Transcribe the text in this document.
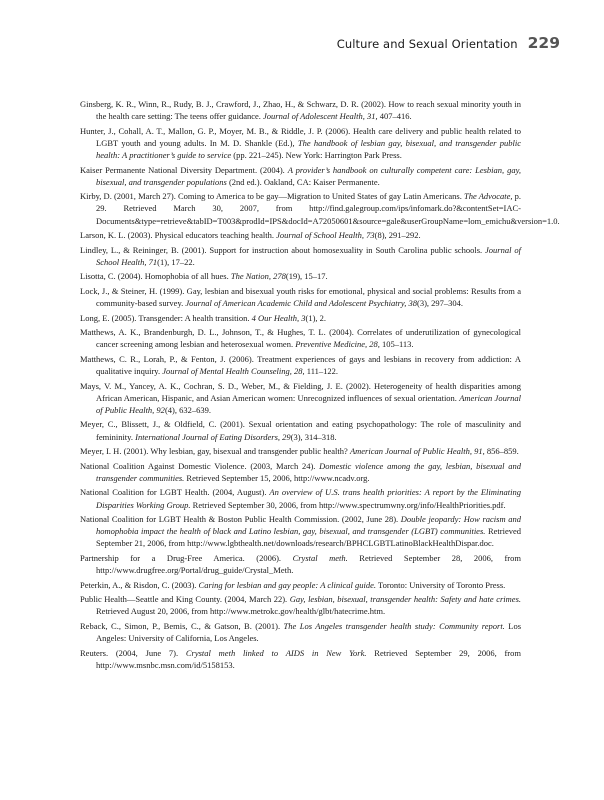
Culture and Sexual Orientation 229

Ginsberg, K. R., Winn, R., Rudy, B. J., Crawford, J., Zhao, H., & Schwarz, D. R. (2002). How to reach sexual minority youth in the health care setting: The teens offer guidance. Journal of Adolescent Health, 31, 407–416.

Hunter, J., Cohall, A. T., Mallon, G. P., Moyer, M. B., & Riddle, J. P. (2006). Health care delivery and public health related to LGBT youth and young adults. In M. D. Shankle (Ed.), The handbook of lesbian gay, bisexual, and transgender public health: A practitioner’s guide to service (pp. 221–245). New York: Harrington Park Press.

Kaiser Permanente National Diversity Department. (2004). A provider’s handbook on culturally competent care: Lesbian, gay, bisexual, and transgender populations (2nd ed.). Oakland, CA: Kaiser Permanente.

Kirby, D. (2001, March 27). Coming to America to be gay—Migration to United States of gay Latin Americans. The Advocate, p. 29. Retrieved March 30, 2007, from http://find.galegroup.com/ips/infomark.do?&contentSet=IAC-Documents&type=retrieve&tabID=T003&prodId=IPS&docId=A72050601&source=gale&userGroupName=lom_emichu&version=1.0.

Larson, K. L. (2003). Physical educators teaching health. Journal of School Health, 73(8), 291–292.

Lindley, L., & Reininger, B. (2001). Support for instruction about homosexuality in South Carolina public schools. Journal of School Health, 71(1), 17–22.

Lisotta, C. (2004). Homophobia of all hues. The Nation, 278(19), 15–17.

Lock, J., & Steiner, H. (1999). Gay, lesbian and bisexual youth risks for emotional, physical and social problems: Results from a community-based survey. Journal of American Academic Child and Adolescent Psychiatry, 38(3), 297–304.

Long, E. (2005). Transgender: A health transition. 4 Our Health, 3(1), 2.

Matthews, A. K., Brandenburgh, D. L., Johnson, T., & Hughes, T. L. (2004). Correlates of underutilization of gynecological cancer screening among lesbian and heterosexual women. Preventive Medicine, 28, 105–113.

Matthews, C. R., Lorah, P., & Fenton, J. (2006). Treatment experiences of gays and lesbians in recovery from addiction: A qualitative inquiry. Journal of Mental Health Counseling, 28, 111–122.

Mays, V. M., Yancey, A. K., Cochran, S. D., Weber, M., & Fielding, J. E. (2002). Heterogeneity of health disparities among African American, Hispanic, and Asian American women: Unrecognized influences of sexual orientation. American Journal of Public Health, 92(4), 632–639.

Meyer, C., Blissett, J., & Oldfield, C. (2001). Sexual orientation and eating psychopathology: The role of masculinity and femininity. International Journal of Eating Disorders, 29(3), 314–318.

Meyer, I. H. (2001). Why lesbian, gay, bisexual and transgender public health? American Journal of Public Health, 91, 856–859.

National Coalition Against Domestic Violence. (2003, March 24). Domestic violence among the gay, lesbian, bisexual and transgender communities. Retrieved September 15, 2006, http://www.ncadv.org.

National Coalition for LGBT Health. (2004, August). An overview of U.S. trans health priorities: A report by the Eliminating Disparities Working Group. Retrieved September 30, 2006, from http://www.spectrumwny.org/info/HealthPriorities.pdf.

National Coalition for LGBT Health & Boston Public Health Commission. (2002, June 28). Double jeopardy: How racism and homophobia impact the health of black and Latino lesbian, gay, bisexual, and transgender (LGBT) communities. Retrieved September 21, 2006, from http://www.lgbthealth.net/downloads/research/BPHCLGBTLatinoBlackHealthDispar.doc.

Partnership for a Drug-Free America. (2006). Crystal meth. Retrieved September 28, 2006, from http://www.drugfree.org/Portal/drug_guide/Crystal_Meth.

Peterkin, A., & Risdon, C. (2003). Caring for lesbian and gay people: A clinical guide. Toronto: University of Toronto Press.

Public Health—Seattle and King County. (2004, March 22). Gay, lesbian, bisexual, transgender health: Safety and hate crimes. Retrieved August 20, 2006, from http://www.metrokc.gov/health/glbt/hatecrime.htm.

Reback, C., Simon, P., Bemis, C., & Gatson, B. (2001). The Los Angeles transgender health study: Community report. Los Angeles: University of California, Los Angeles.

Reuters. (2004, June 7). Crystal meth linked to AIDS in New York. Retrieved September 29, 2006, from http://www.msnbc.msn.com/id/5158153.
